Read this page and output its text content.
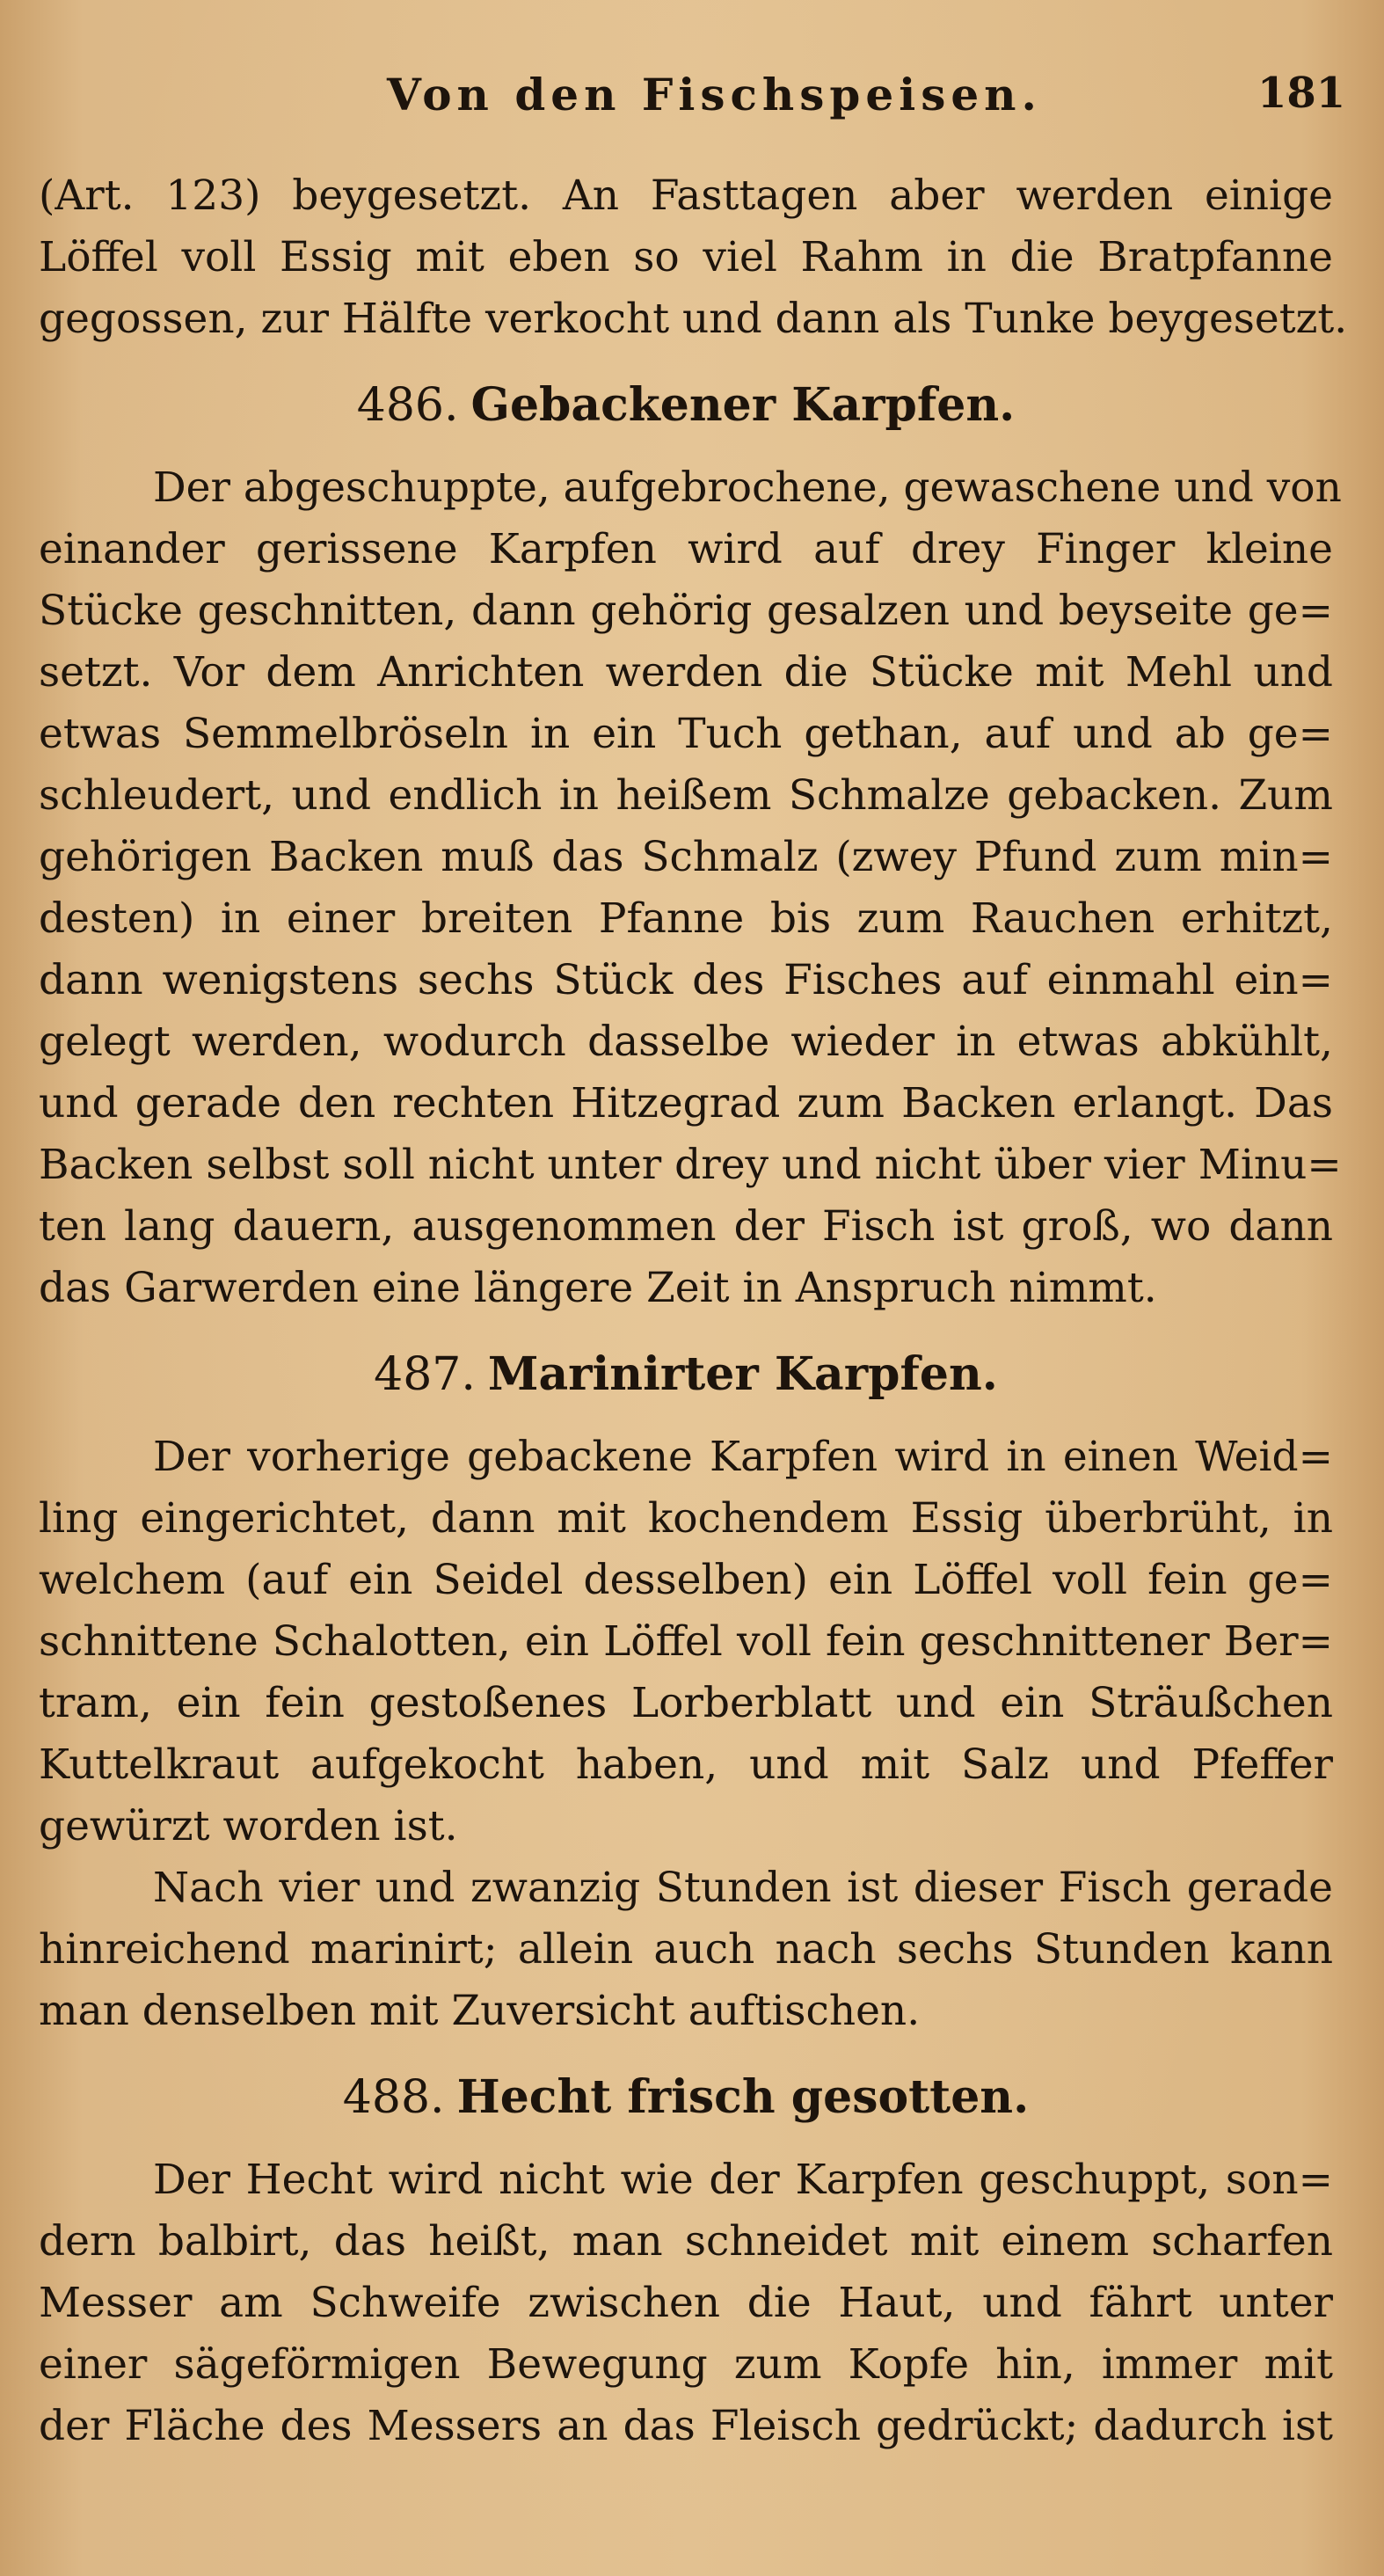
Von den Fischspeisen.	181
(Art. 123) beygesetzt. An Fasttagen aber werden einige
Löffel voll Essig mit eben so viel Rahm in die Bratpfanne
gegossen, zur Hälfte verkocht und dann als Tunke beygesetzt.
486. Gebackener Karpfen.
Der abgeschuppte, aufgebrochene, gewaschene und von
einander gerissene Karpfen wird auf drey Finger kleine
Stücke geschnitten, dann gehörig gesalzen und beyseite ge=
setzt. Vor dem Anrichten werden die Stücke mit Mehl und
etwas Semmelbröseln in ein Tuch gethan, auf und ab ge=
schleudert, und endlich in heißem Schmalze gebacken. Zum
gehörigen Backen muß das Schmalz (zwey Pfund zum min=
desten) in einer breiten Pfanne bis zum Rauchen erhitzt,
dann wenigstens sechs Stück des Fisches auf einmahl ein=
gelegt werden, wodurch dasselbe wieder in etwas abkühlt,
und gerade den rechten Hitzegrad zum Backen erlangt. Das
Backen selbst soll nicht unter drey und nicht über vier Minu=
ten lang dauern, ausgenommen der Fisch ist groß, wo dann
das Garwerden eine längere Zeit in Anspruch nimmt.
487. Marinirter Karpfen.
Der vorherige gebackene Karpfen wird in einen Weid=
ling eingerichtet, dann mit kochendem Essig überbrüht, in
welchem (auf ein Seidel desselben) ein Löffel voll fein ge=
schnittene Schalotten, ein Löffel voll fein geschnittener Ber=
tram, ein fein gestoßenes Lorberblatt und ein Sträußchen
Kuttelkraut aufgekocht haben, und mit Salz und Pfeffer
gewürzt worden ist.
Nach vier und zwanzig Stunden ist dieser Fisch gerade
hinreichend marinirt; allein auch nach sechs Stunden kann
man denselben mit Zuversicht auftischen.
488. Hecht frisch gesotten.
Der Hecht wird nicht wie der Karpfen geschuppt, son=
dern balbirt, das heißt, man schneidet mit einem scharfen
Messer am Schweife zwischen die Haut, und fährt unter
einer sägeförmigen Bewegung zum Kopfe hin, immer mit
der Fläche des Messers an das Fleisch gedrückt; dadurch ist
